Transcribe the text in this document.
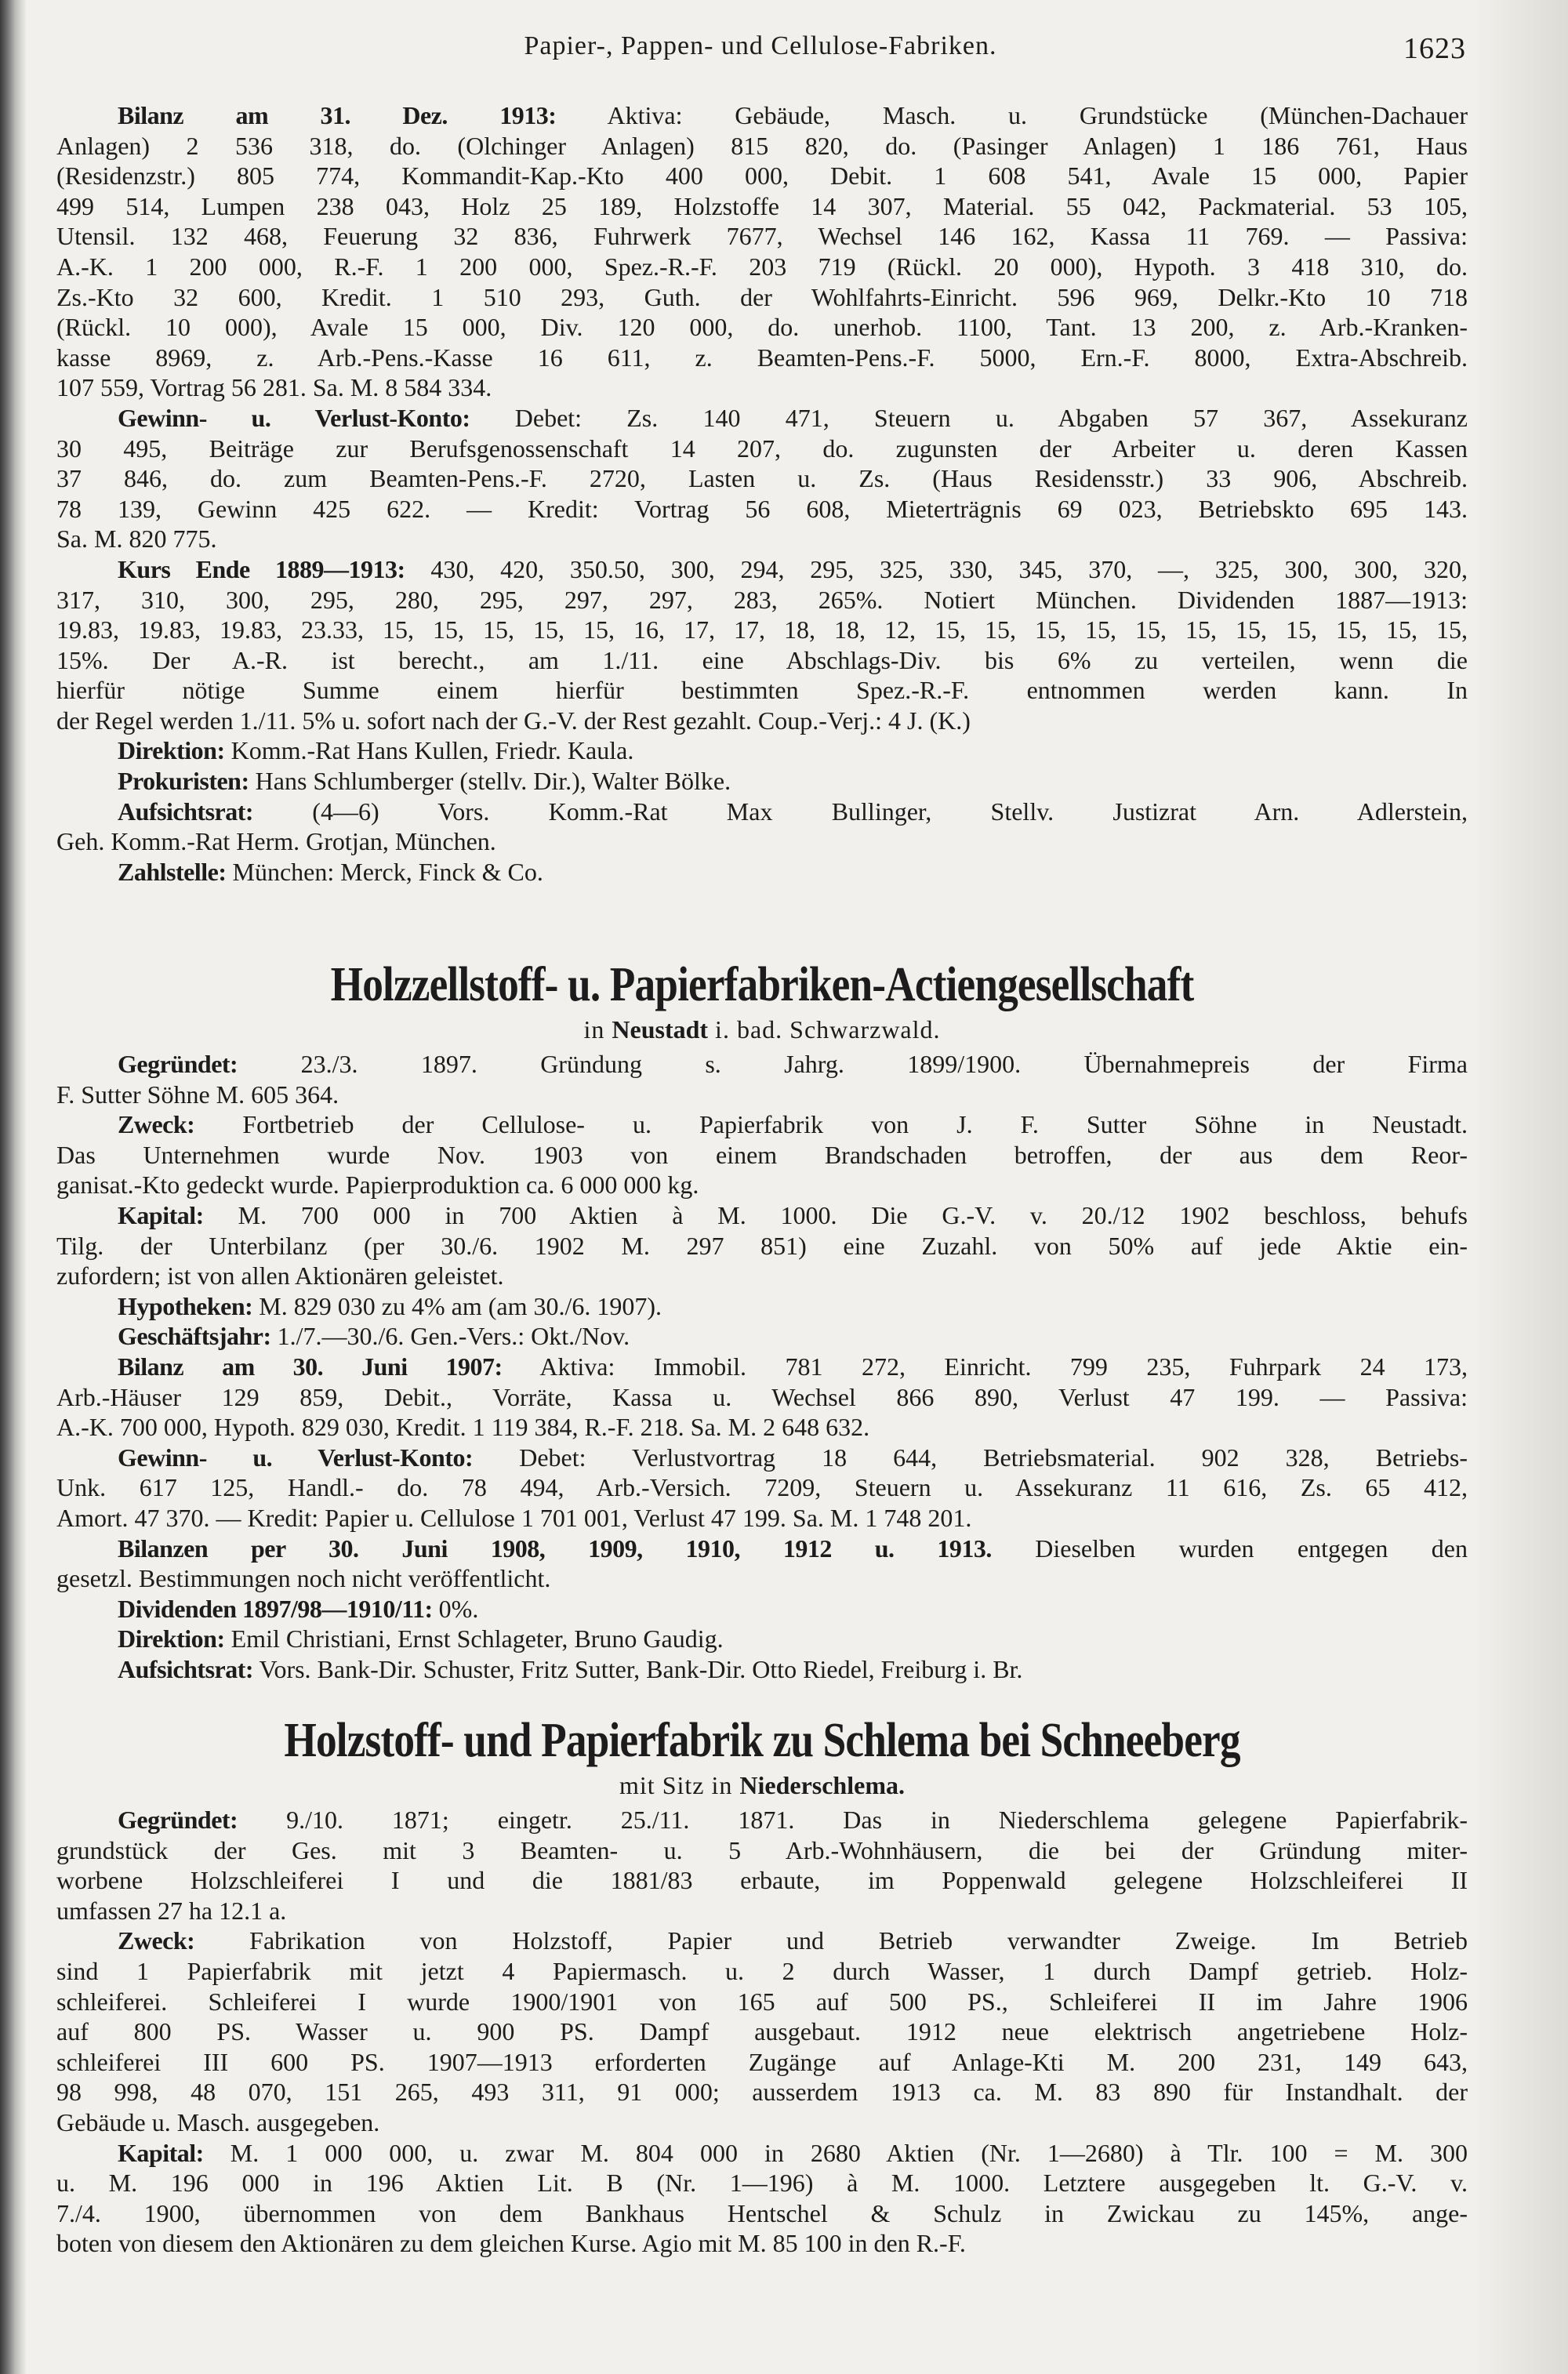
Papier-, Pappen- und Cellulose-Fabriken.	1623
Bilanz am 31. Dez. 1913: Aktiva: Gebäude, Masch. u. Grundstücke (München-Dachauer
Anlagen) 2 536 318, do. (Olchinger Anlagen) 815 820, do. (Pasinger Anlagen) 1 186 761, Haus
(Residenzstr.) 805 774, Kommandit-Kap.-Kto 400 000, Debit. 1 608 541, Avale 15 000, Papier
499 514, Lumpen 238 043, Holz 25 189, Holzstoffe 14 307, Material. 55 042, Packmaterial. 53 105,
Utensil. 132 468, Feuerung 32 836, Fuhrwerk 7677, Wechsel 146 162, Kassa 11 769. — Passiva:
A.-K. 1 200 000, R.-F. 1 200 000, Spez.-R.-F. 203 719 (Rückl. 20 000), Hypoth. 3 418 310, do.
Zs.-Kto 32 600, Kredit. 1 510 293, Guth. der Wohlfahrts-Einricht. 596 969, Delkr.-Kto 10 718
(Rückl. 10 000), Avale 15 000, Div. 120 000, do. unerhob. 1100, Tant. 13 200, z. Arb.-Kranken-
kasse 8969, z. Arb.-Pens.-Kasse 16 611, z. Beamten-Pens.-F. 5000, Ern.-F. 8000, Extra-Abschreib.
107 559, Vortrag 56 281. Sa. M. 8 584 334.
Gewinn- u. Verlust-Konto: Debet: Zs. 140 471, Steuern u. Abgaben 57 367, Assekuranz
30 495, Beiträge zur Berufsgenossenschaft 14 207, do. zugunsten der Arbeiter u. deren Kassen
37 846, do. zum Beamten-Pens.-F. 2720, Lasten u. Zs. (Haus Residensstr.) 33 906, Abschreib.
78 139, Gewinn 425 622. — Kredit: Vortrag 56 608, Mieterträgnis 69 023, Betriebskto 695 143.
Sa. M. 820 775.
Kurs Ende 1889—1913: 430, 420, 350.50, 300, 294, 295, 325, 330, 345, 370, —, 325, 300, 300, 320,
317, 310, 300, 295, 280, 295, 297, 297, 283, 265%. Notiert München. Dividenden 1887—1913:
19.83, 19.83, 19.83, 23.33, 15, 15, 15, 15, 15, 16, 17, 17, 18, 18, 12, 15, 15, 15, 15, 15, 15, 15, 15, 15, 15, 15,
15%. Der A.-R. ist berecht., am 1./11. eine Abschlags-Div. bis 6% zu verteilen, wenn die
hierfür nötige Summe einem hierfür bestimmten Spez.-R.-F. entnommen werden kann. In
der Regel werden 1./11. 5% u. sofort nach der G.-V. der Rest gezahlt. Coup.-Verj.: 4 J. (K.)
Direktion: Komm.-Rat Hans Kullen, Friedr. Kaula.
Prokuristen: Hans Schlumberger (stellv. Dir.), Walter Bölke.
Aufsichtsrat: (4—6) Vors. Komm.-Rat Max Bullinger, Stellv. Justizrat Arn. Adlerstein,
Geh. Komm.-Rat Herm. Grotjan, München.
Zahlstelle: München: Merck, Finck & Co.
Holzzellstoff- u. Papierfabriken-Actiengesellschaft
in Neustadt i. bad. Schwarzwald.
Gegründet:	23./3. 1897. Gründung s. Jahrg. 1899/1900. Übernahmepreis der Firma
F. Sutter Söhne M. 605 364.
Zweck: Fortbetrieb der Cellulose- u. Papierfabrik von J. F. Sutter Söhne in Neustadt.
Das Unternehmen wurde Nov. 1903 von einem Brandschaden betroffen, der aus dem Reor-
ganisat.-Kto gedeckt wurde. Papierproduktion ca. 6 000 000 kg.
Kapital: M. 700 000 in 700 Aktien à M. 1000. Die G.-V. v. 20./12 1902 beschloss, behufs
Tilg. der Unterbilanz (per 30./6. 1902 M. 297 851) eine Zuzahl. von 50% auf jede Aktie ein-
zufordern; ist von allen Aktionären geleistet.
Hypotheken: M. 829 030 zu 4% am (am 30./6. 1907).
Geschäftsjahr: 1./7.—30./6. Gen.-Vers.: Okt./Nov.
Bilanz am 30. Juni 1907: Aktiva: Immobil. 781 272, Einricht. 799 235, Fuhrpark 24 173,
Arb.-Häuser 129 859, Debit., Vorräte, Kassa u. Wechsel 866 890, Verlust 47 199. — Passiva:
A.-K. 700 000, Hypoth. 829 030, Kredit. 1 119 384, R.-F. 218. Sa. M. 2 648 632.
Gewinn- u. Verlust-Konto: Debet: Verlustvortrag 18 644, Betriebsmaterial. 902 328, Betriebs-
Unk. 617 125, Handl.- do. 78 494, Arb.-Versich. 7209, Steuern u. Assekuranz 11 616, Zs. 65 412,
Amort. 47 370. — Kredit: Papier u. Cellulose 1 701 001, Verlust 47 199. Sa. M. 1 748 201.
Bilanzen per 30. Juni 1908, 1909, 1910, 1912 u. 1913. Dieselben wurden entgegen den
gesetzl. Bestimmungen noch nicht veröffentlicht.
Dividenden 1897/98—1910/11: 0%.
Direktion: Emil Christiani, Ernst Schlageter, Bruno Gaudig.
Aufsichtsrat: Vors. Bank-Dir. Schuster, Fritz Sutter, Bank-Dir. Otto Riedel, Freiburg i. Br.
Holzstoff- und Papierfabrik zu Schlema bei Schneeberg
mit Sitz in Niederschlema.
Gegründet: 9./10. 1871; eingetr. 25./11. 1871. Das in Niederschlema gelegene Papierfabrik-
grundstück der Ges. mit 3 Beamten- u. 5 Arb.-Wohnhäusern, die bei der Gründung miter-
worbene Holzschleiferei I und die 1881/83 erbaute, im Poppenwald gelegene Holzschleiferei II
umfassen 27 ha 12.1 a.
Zweck: Fabrikation von Holzstoff, Papier und Betrieb verwandter Zweige. Im Betrieb
sind 1 Papierfabrik mit jetzt 4 Papiermasch. u. 2 durch Wasser, 1 durch Dampf getrieb. Holz-
schleiferei. Schleiferei I wurde 1900/1901 von 165 auf 500 PS., Schleiferei II im Jahre 1906
auf 800 PS. Wasser u. 900 PS. Dampf ausgebaut. 1912 neue elektrisch angetriebene Holz-
schleiferei III 600 PS. 1907—1913 erforderten Zugänge auf Anlage-Kti M. 200 231, 149 643,
98 998, 48 070, 151 265, 493 311, 91 000; ausserdem 1913 ca. M. 83 890 für Instandhalt. der
Gebäude u. Masch. ausgegeben.
Kapital: M. 1 000 000, u. zwar M. 804 000 in 2680 Aktien (Nr. 1—2680) à Tlr. 100 = M. 300
u. M. 196 000 in 196 Aktien Lit. B (Nr. 1—196) à M. 1000. Letztere ausgegeben lt. G.-V. v.
7./4. 1900, übernommen von dem Bankhaus Hentschel & Schulz in Zwickau zu 145%, ange-
boten von diesem den Aktionären zu dem gleichen Kurse. Agio mit M. 85 100 in den R.-F.
